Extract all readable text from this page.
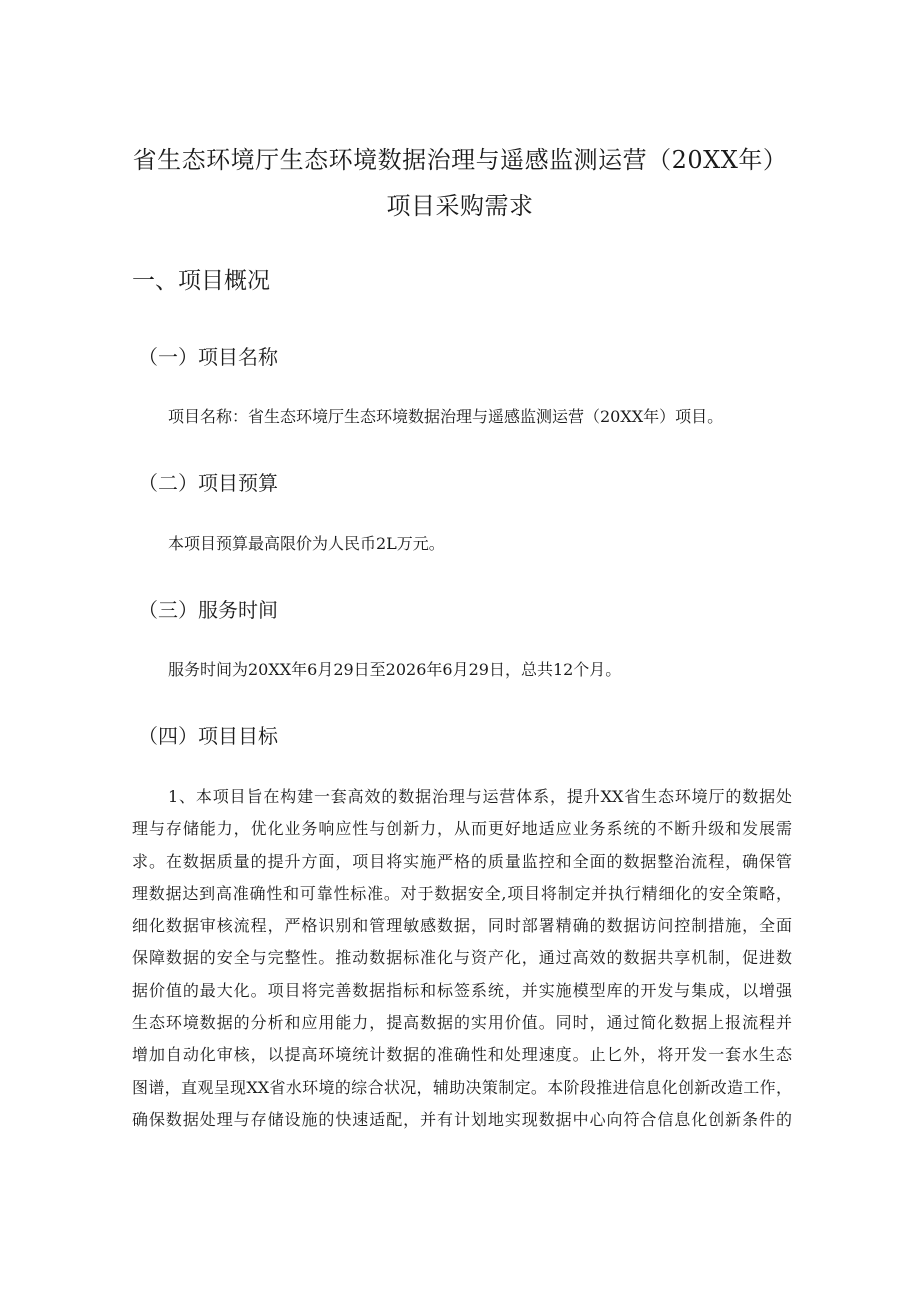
省生态环境厅生态环境数据治理与遥感监测运营（20XX年）
项目采购需求
一、项目概况
（一）项目名称
项目名称：省生态环境厅生态环境数据治理与遥感监测运营（20XX年）项目。
（二）项目预算
本项目预算最高限价为人民币2L万元。
（三）服务时间
服务时间为20XX年6月29日至2026年6月29日，总共12个月。
（四）项目目标
1、本项目旨在构建一套高效的数据治理与运营体系，提升XX省生态环境厅的数据处
理与存储能力，优化业务响应性与创新力，从而更好地适应业务系统的不断升级和发展需
求。在数据质量的提升方面，项目将实施严格的质量监控和全面的数据整治流程，确保管
理数据达到高准确性和可靠性标准。对于数据安全,项目将制定并执行精细化的安全策略，
细化数据审核流程，严格识别和管理敏感数据，同时部署精确的数据访问控制措施，全面
保障数据的安全与完整性。推动数据标准化与资产化，通过高效的数据共享机制，促进数
据价值的最大化。项目将完善数据指标和标签系统，并实施模型库的开发与集成，以增强
生态环境数据的分析和应用能力，提高数据的实用价值。同时，通过简化数据上报流程并
增加自动化审核，以提高环境统计数据的准确性和处理速度。止匕外，将开发一套水生态
图谱，直观呈现XX省水环境的综合状况，辅助决策制定。本阶段推进信息化创新改造工作，
确保数据处理与存储设施的快速适配，并有计划地实现数据中心向符合信息化创新条件的
